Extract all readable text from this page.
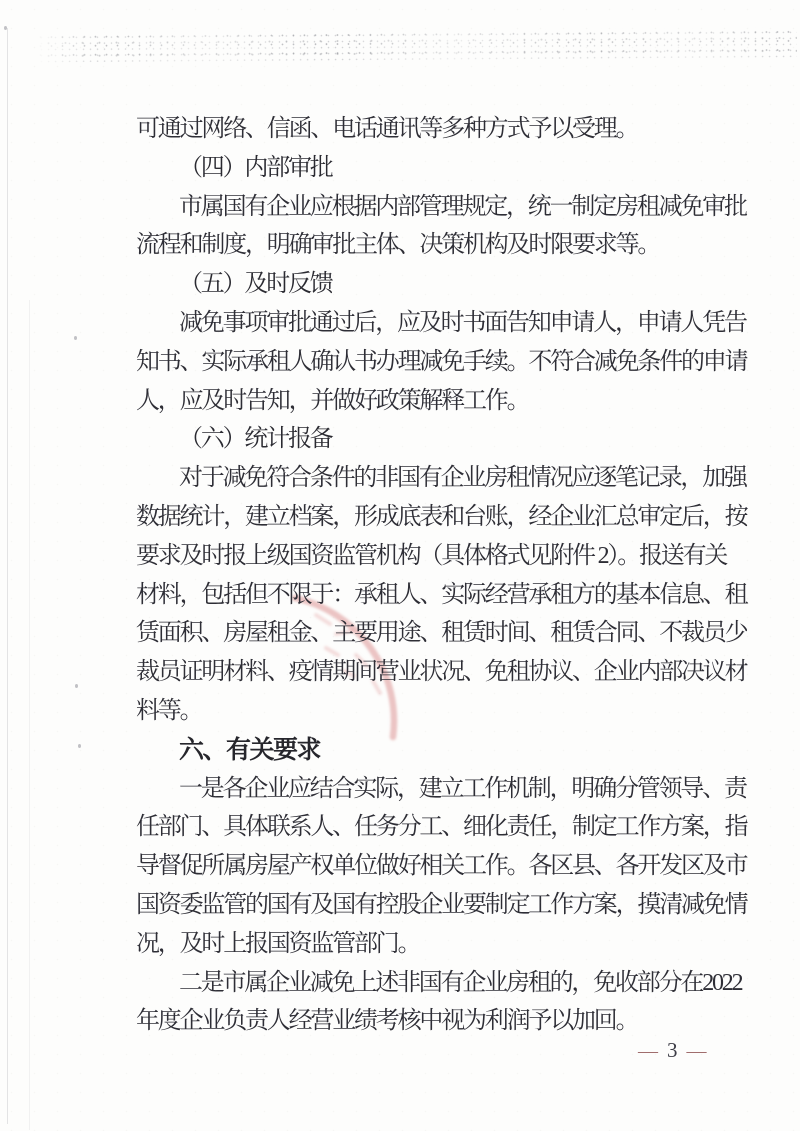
可通过网络、信函、电话通讯等多种方式予以受理。
（四）内部审批
市属国有企业应根据内部管理规定，统一制定房租减免审批
流程和制度，明确审批主体、决策机构及时限要求等。
（五）及时反馈
减免事项审批通过后，应及时书面告知申请人，申请人凭告
知书、实际承租人确认书办理减免手续。不符合减免条件的申请
人，应及时告知，并做好政策解释工作。
（六）统计报备
对于减免符合条件的非国有企业房租情况应逐笔记录，加强
数据统计，建立档案，形成底表和台账，经企业汇总审定后，按
要求及时报上级国资监管机构（具体格式见附件 2）。报送有关
材料，包括但不限于：承租人、实际经营承租方的基本信息、租
赁面积、房屋租金、主要用途、租赁时间、租赁合同、不裁员少
裁员证明材料、疫情期间营业状况、免租协议、企业内部决议材
料等。
六、有关要求
一是各企业应结合实际，建立工作机制，明确分管领导、责
任部门、具体联系人、任务分工、细化责任，制定工作方案，指
导督促所属房屋产权单位做好相关工作。各区县、各开发区及市
国资委监管的国有及国有控股企业要制定工作方案，摸清减免情
况，及时上报国资监管部门。
二是市属企业减免上述非国有企业房租的，免收部分在2022
年度企业负责人经营业绩考核中视为利润予以加回。
— 3 —
